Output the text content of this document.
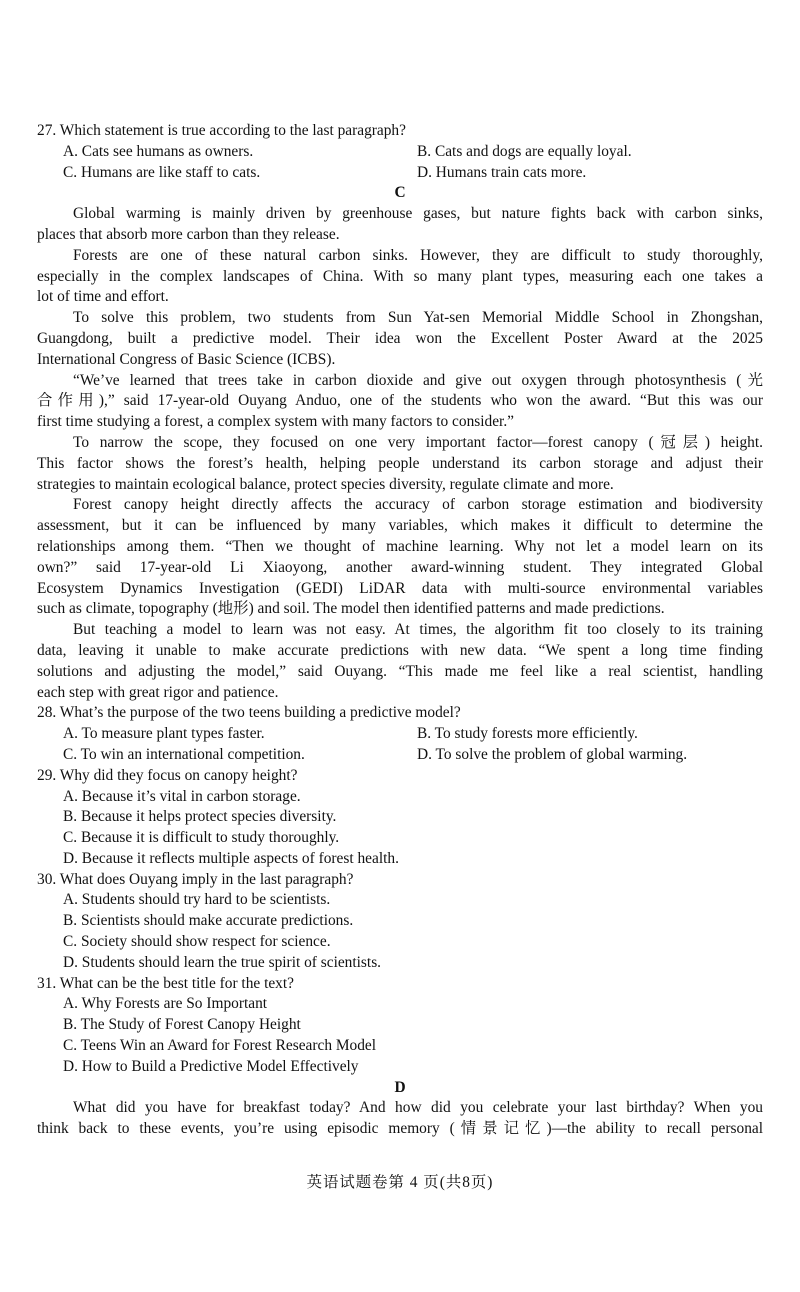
27. Which statement is true according to the last paragraph?
A. Cats see humans as owners.	B. Cats and dogs are equally loyal.
C. Humans are like staff to cats.	D. Humans train cats more.
C
Global warming is mainly driven by greenhouse gases, but nature fights back with carbon sinks,
places that absorb more carbon than they release.
Forests are one of these natural carbon sinks. However, they are difficult to study thoroughly,
especially in the complex landscapes of China. With so many plant types, measuring each one takes a
lot of time and effort.
To solve this problem, two students from Sun Yat-sen Memorial Middle School in Zhongshan,
Guangdong, built a predictive model. Their idea won the Excellent Poster Award at the 2025
International Congress of Basic Science (ICBS).
“We’ve learned that trees take in carbon dioxide and give out oxygen through photosynthesis (光
合作用),” said 17-year-old Ouyang Anduo, one of the students who won the award. “But this was our
first time studying a forest, a complex system with many factors to consider.”
To narrow the scope, they focused on one very important factor—forest canopy (冠层) height.
This factor shows the forest’s health, helping people understand its carbon storage and adjust their
strategies to maintain ecological balance, protect species diversity, regulate climate and more.
Forest canopy height directly affects the accuracy of carbon storage estimation and biodiversity
assessment, but it can be influenced by many variables, which makes it difficult to determine the
relationships among them. “Then we thought of machine learning. Why not let a model learn on its
own?” said 17-year-old Li Xiaoyong, another award-winning student. They integrated Global
Ecosystem Dynamics Investigation (GEDI) LiDAR data with multi-source environmental variables
such as climate, topography (地形) and soil. The model then identified patterns and made predictions.
But teaching a model to learn was not easy. At times, the algorithm fit too closely to its training
data, leaving it unable to make accurate predictions with new data. “We spent a long time finding
solutions and adjusting the model,” said Ouyang. “This made me feel like a real scientist, handling
each step with great rigor and patience.
28. What’s the purpose of the two teens building a predictive model?
A. To measure plant types faster.	B. To study forests more efficiently.
C. To win an international competition.	D. To solve the problem of global warming.
29. Why did they focus on canopy height?
A. Because it’s vital in carbon storage.
B. Because it helps protect species diversity.
C. Because it is difficult to study thoroughly.
D. Because it reflects multiple aspects of forest health.
30. What does Ouyang imply in the last paragraph?
A. Students should try hard to be scientists.
B. Scientists should make accurate predictions.
C. Society should show respect for science.
D. Students should learn the true spirit of scientists.
31. What can be the best title for the text?
A. Why Forests are So Important
B. The Study of Forest Canopy Height
C. Teens Win an Award for Forest Research Model
D. How to Build a Predictive Model Effectively
D
What did you have for breakfast today? And how did you celebrate your last birthday? When you
think back to these events, you’re using episodic memory (情景记忆)—the ability to recall personal
英语试题卷第 4 页(共8页)
